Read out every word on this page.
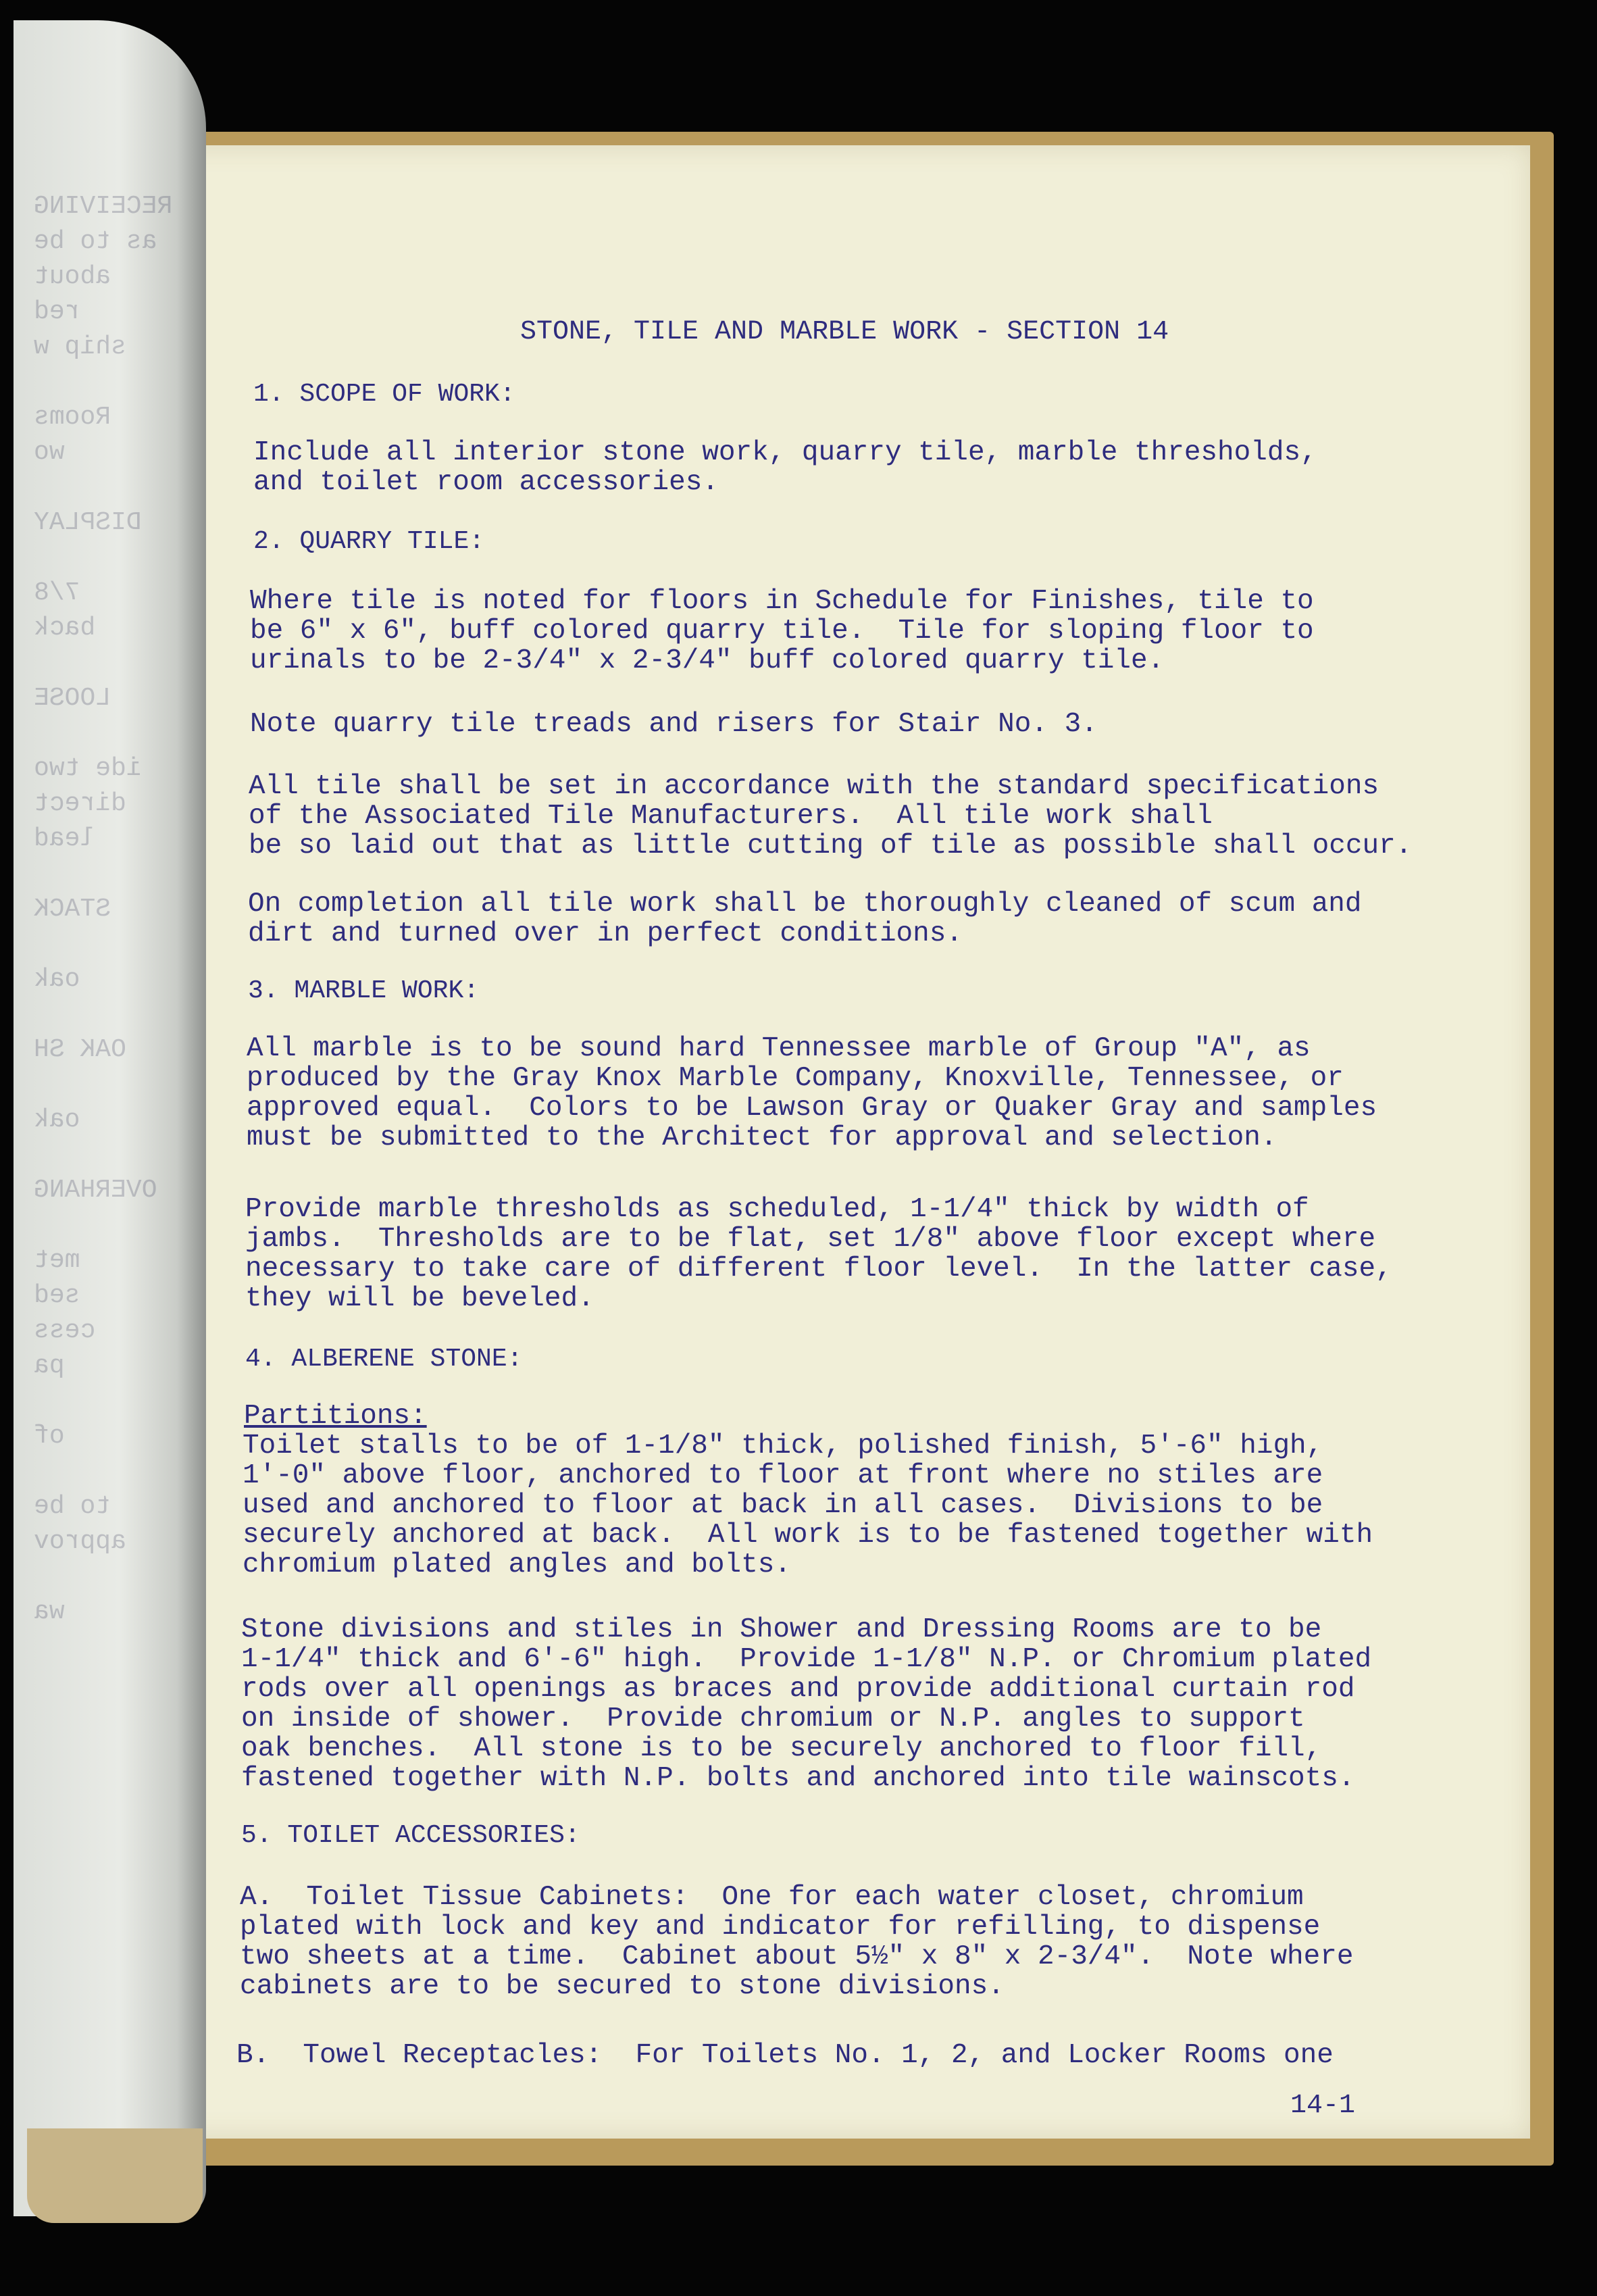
RECEIVING
as to be
about
red
ship w

Rooms
wo

DISPLAY

7/8
back

LOOSE

ide two
direct
lead

STACK

oak

OAK SH

oak

OVERHANG

met
sed
cess
pa

of

to be
approv

wa
STONE, TILE AND MARBLE WORK - SECTION 14
1. SCOPE OF WORK:
Include all interior stone work, quarry tile, marble thresholds,
and toilet room accessories.
2. QUARRY TILE:
Where tile is noted for floors in Schedule for Finishes, tile to
be 6" x 6", buff colored quarry tile.  Tile for sloping floor to
urinals to be 2-3/4" x 2-3/4" buff colored quarry tile.
Note quarry tile treads and risers for Stair No. 3.
All tile shall be set in accordance with the standard specifications
of the Associated Tile Manufacturers.  All tile work shall
be so laid out that as little cutting of tile as possible shall occur.
On completion all tile work shall be thoroughly cleaned of scum and
dirt and turned over in perfect conditions.
3. MARBLE WORK:
All marble is to be sound hard Tennessee marble of Group "A", as
produced by the Gray Knox Marble Company, Knoxville, Tennessee, or
approved equal.  Colors to be Lawson Gray or Quaker Gray and samples
must be submitted to the Architect for approval and selection.
Provide marble thresholds as scheduled, 1-1/4" thick by width of
jambs.  Thresholds are to be flat, set 1/8" above floor except where
necessary to take care of different floor level.  In the latter case,
they will be beveled.
4. ALBERENE STONE:
Partitions:
Toilet stalls to be of 1-1/8" thick, polished finish, 5'-6" high,
1'-0" above floor, anchored to floor at front where no stiles are
used and anchored to floor at back in all cases.  Divisions to be
securely anchored at back.  All work is to be fastened together with
chromium plated angles and bolts.
Stone divisions and stiles in Shower and Dressing Rooms are to be
1-1/4" thick and 6'-6" high.  Provide 1-1/8" N.P. or Chromium plated
rods over all openings as braces and provide additional curtain rod
on inside of shower.  Provide chromium or N.P. angles to support
oak benches.  All stone is to be securely anchored to floor fill,
fastened together with N.P. bolts and anchored into tile wainscots.
5. TOILET ACCESSORIES:
A.  Toilet Tissue Cabinets:  One for each water closet, chromium
plated with lock and key and indicator for refilling, to dispense
two sheets at a time.  Cabinet about 5½" x 8" x 2-3/4".  Note where
cabinets are to be secured to stone divisions.
B.  Towel Receptacles:  For Toilets No. 1, 2, and Locker Rooms one
14-1
